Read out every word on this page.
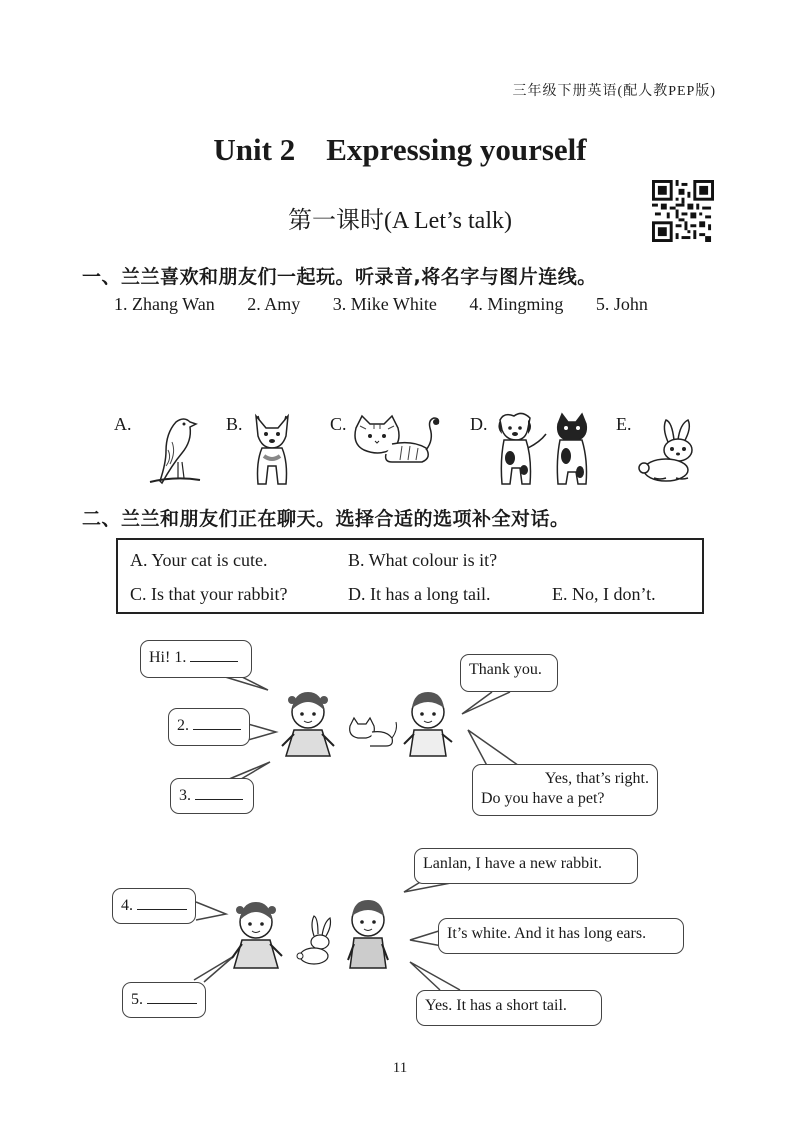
三年级下册英语(配人教PEP版)
Unit 2    Expressing yourself
第一课时(A Let’s talk)
一、兰兰喜欢和朋友们一起玩。听录音,将名字与图片连线。
1. Zhang Wan 2. Amy 3. Mike White 4. Mingming 5. John
A.	B.	C.	D.	E.
二、兰兰和朋友们正在聊天。选择合适的选项补全对话。
A. Your cat is cute.	B. What colour is it?
C. Is that your rabbit?	D. It has a long tail.	E. No, I don’t.
Hi! 1.
2.
3.
Thank you.
Yes, that’s right.
Do you have a pet?
4.
5.
Lanlan, I have a new rabbit.
It’s white. And it has long ears.
Yes. It has a short tail.
11
